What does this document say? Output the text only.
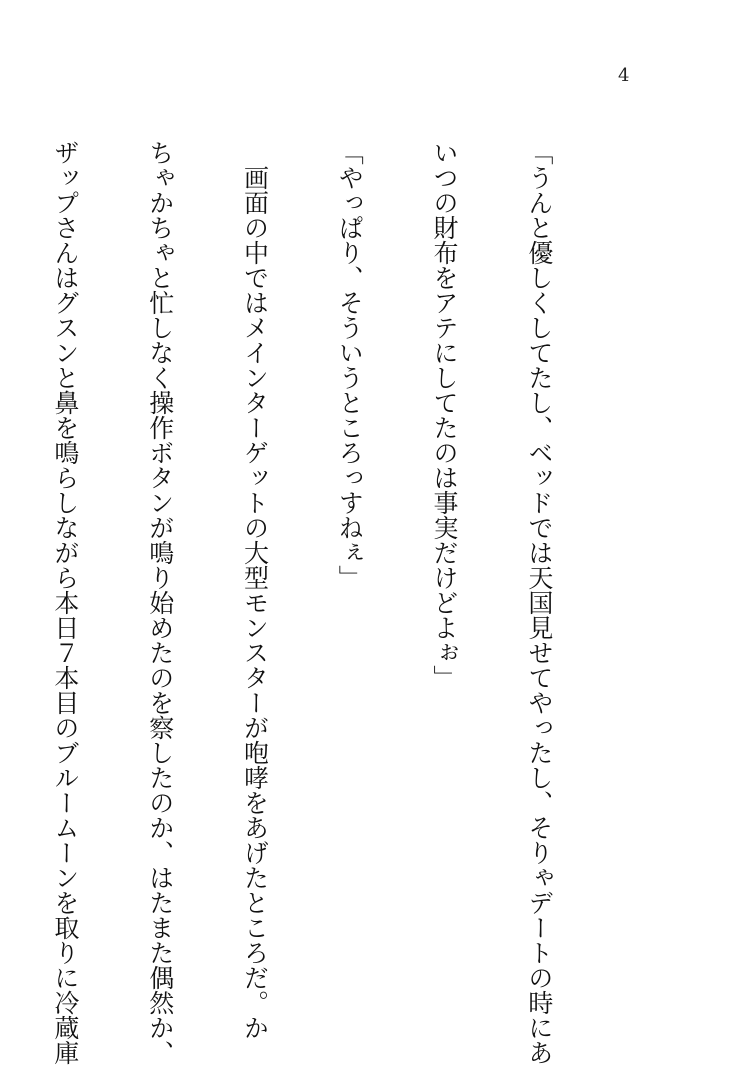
4

「うんと優しくしてたし、ベッドでは天国見せてやったし、そりゃデートの時にあ

いつの財布をアテにしてたのは事実だけどよぉ」

「やっぱり、そういうところっすねぇ」

　画面の中ではメインターゲットの大型モンスターが咆哮をあげたところだ。か

ちゃかちゃと忙しなく操作ボタンが鳴り始めたのを察したのか、はたまた偶然か、

ザップさんはグスンと鼻を鳴らしながら本日７本目のブルームーンを取りに冷蔵庫
